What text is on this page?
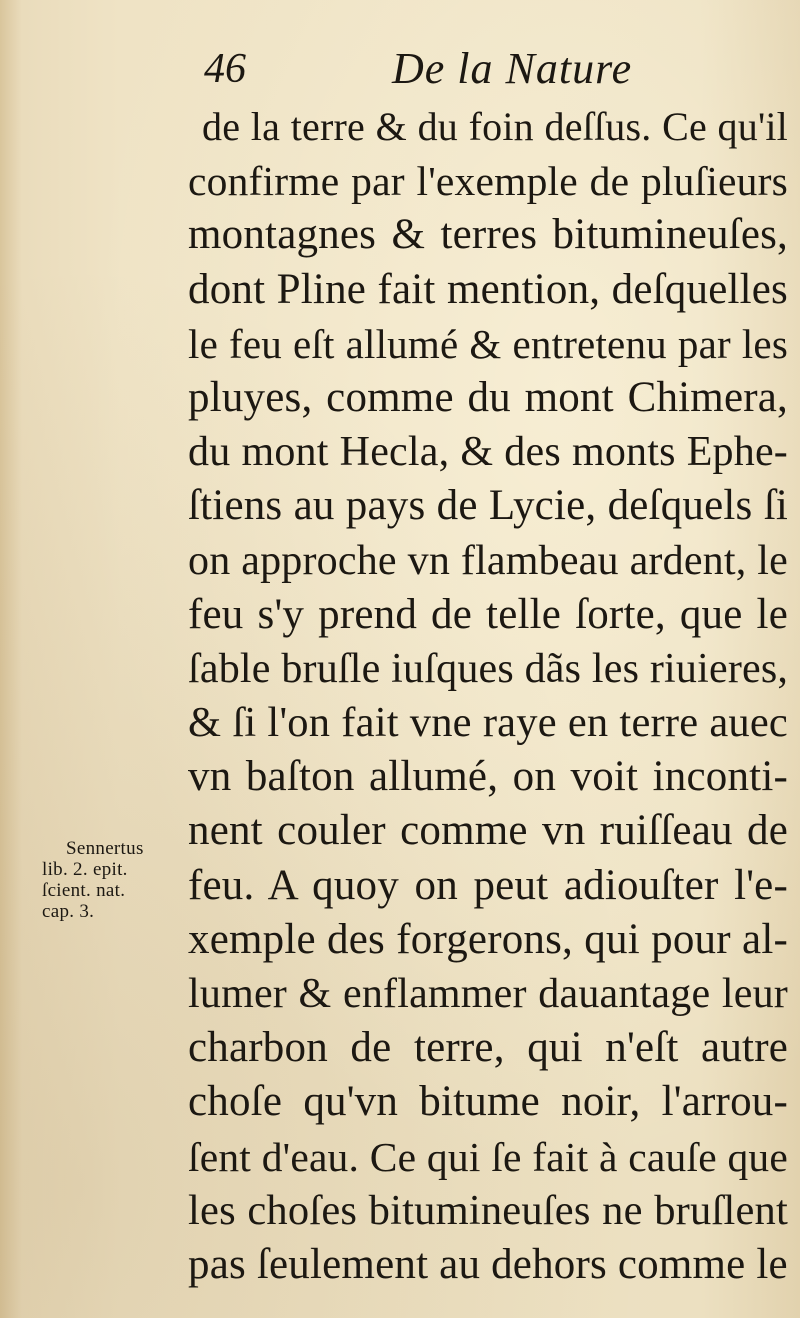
46	De la Nature
de la terre & du foin deſſus. Ce qu'il
confirme par l'exemple de pluſieurs
montagnes & terres bitumineuſes,
dont Pline fait mention, deſquelles
le feu eſt allumé & entretenu par les
pluyes, comme du mont Chimera,
du mont Hecla, & des monts Ephe-
ſtiens au pays de Lycie, deſquels ſi
on approche vn flambeau ardent, le
feu s'y prend de telle ſorte, que le
ſable bruſle iuſques dãs les riuieres,
& ſi l'on fait vne raye en terre auec
vn baſton allumé, on voit inconti-
nent couler comme vn ruiſſeau de
feu. A quoy on peut adiouſter l'e-
xemple des forgerons, qui pour al-
lumer & enflammer dauantage leur
charbon de terre, qui n'eſt autre
choſe qu'vn bitume noir, l'arrou-
ſent d'eau. Ce qui ſe fait à cauſe que
les choſes bitumineuſes ne bruſlent
pas ſeulement au dehors comme le
Sennertus
lib. 2. epit.
ſcient. nat.
cap. 3.
